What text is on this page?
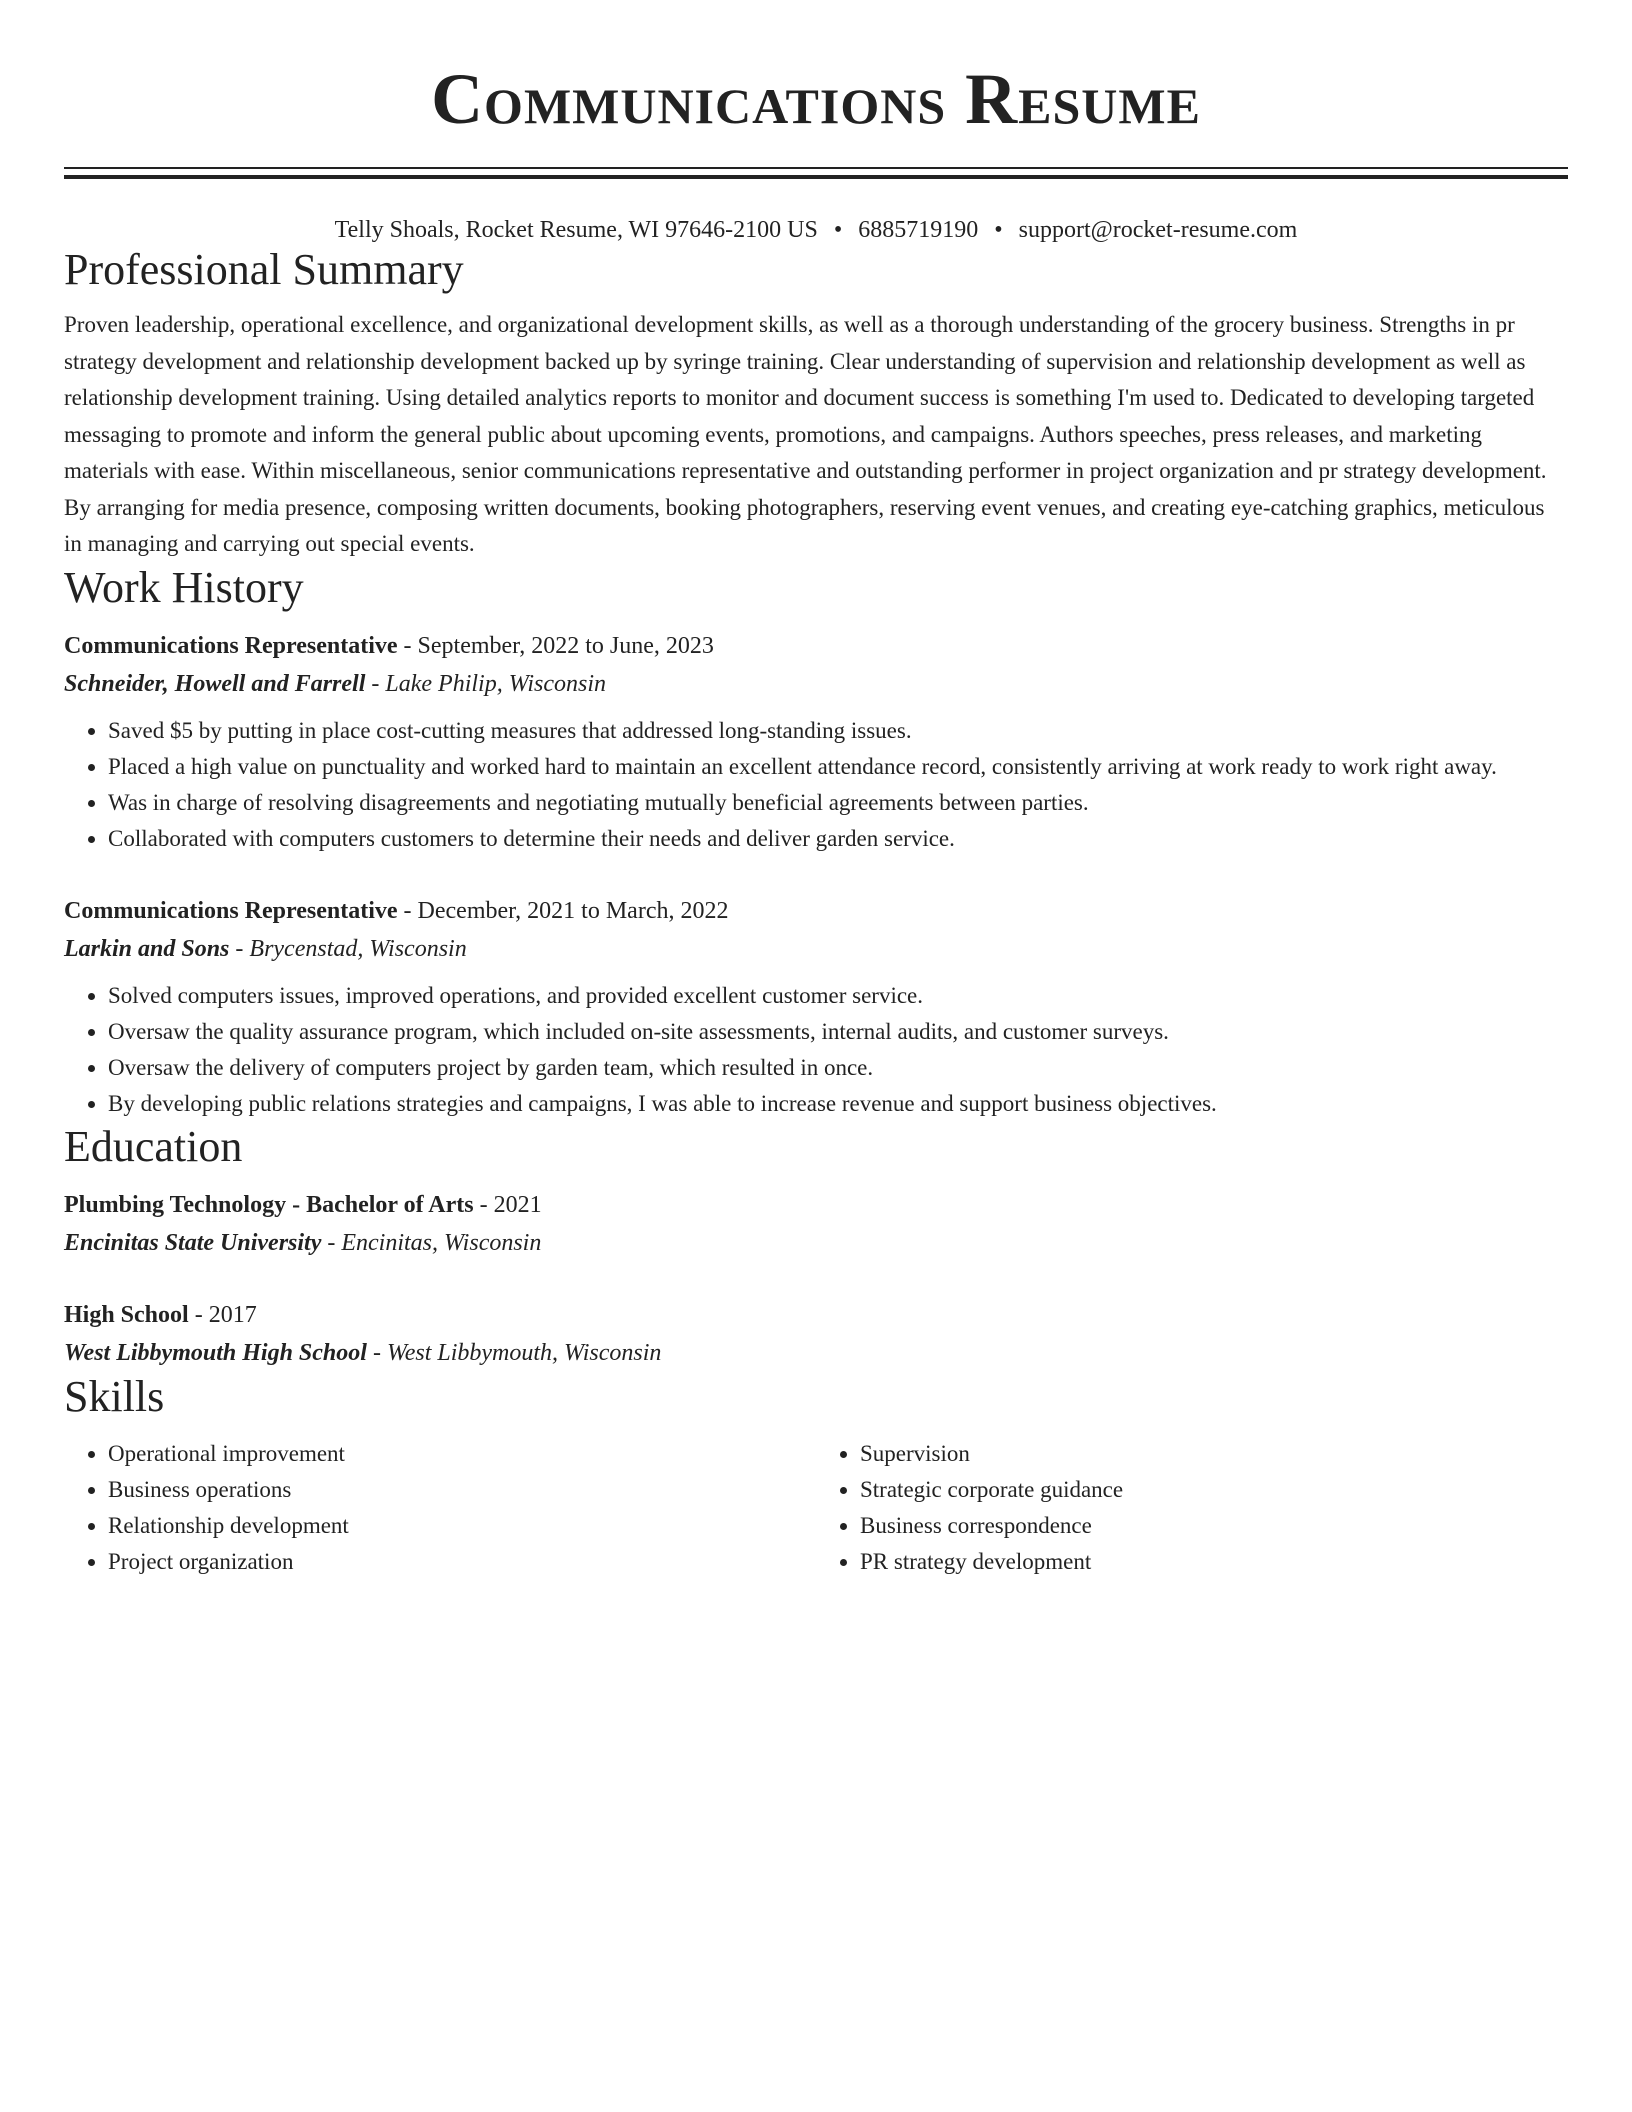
Communications Resume
Telly Shoals, Rocket Resume, WI 97646-2100 US • 6885719190 • support@rocket-resume.com
Professional Summary

Proven leadership, operational excellence, and organizational development skills, as well as a thorough understanding of the grocery business. Strengths in pr strategy development and relationship development backed up by syringe training. Clear understanding of supervision and relationship development as well as relationship development training. Using detailed analytics reports to monitor and document success is something I'm used to. Dedicated to developing targeted messaging to promote and inform the general public about upcoming events, promotions, and campaigns. Authors speeches, press releases, and marketing materials with ease. Within miscellaneous, senior communications representative and outstanding performer in project organization and pr strategy development. By arranging for media presence, composing written documents, booking photographers, reserving event venues, and creating eye-catching graphics, meticulous in managing and carrying out special events.

Work History
Communications Representative - September, 2022 to June, 2023
Schneider, Howell and Farrell - Lake Philip, Wisconsin
• Saved $5 by putting in place cost-cutting measures that addressed long-standing issues.
• Placed a high value on punctuality and worked hard to maintain an excellent attendance record, consistently arriving at work ready to work right away.
• Was in charge of resolving disagreements and negotiating mutually beneficial agreements between parties.
• Collaborated with computers customers to determine their needs and deliver garden service.
Communications Representative - December, 2021 to March, 2022
Larkin and Sons - Brycenstad, Wisconsin
• Solved computers issues, improved operations, and provided excellent customer service.
• Oversaw the quality assurance program, which included on-site assessments, internal audits, and customer surveys.
• Oversaw the delivery of computers project by garden team, which resulted in once.
• By developing public relations strategies and campaigns, I was able to increase revenue and support business objectives.
Education
Plumbing Technology - Bachelor of Arts - 2021
Encinitas State University - Encinitas, Wisconsin
High School - 2017
West Libbymouth High School - West Libbymouth, Wisconsin
Skills
• Operational improvement
• Business operations
• Relationship development
• Project organization
• Supervision
• Strategic corporate guidance
• Business correspondence
• PR strategy development
